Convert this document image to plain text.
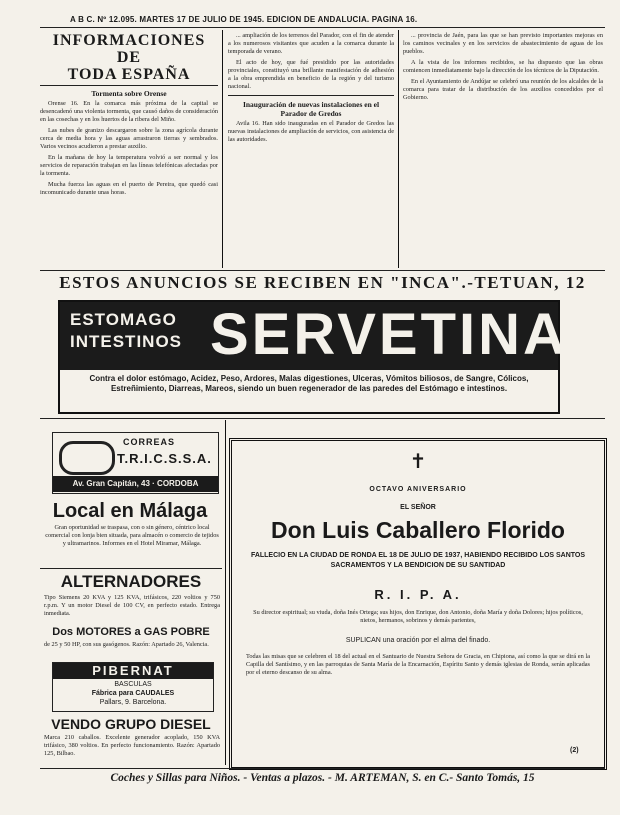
A B C. Nº 12.095. MARTES 17 DE JULIO DE 1945. EDICION DE ANDALUCIA. PAGINA 16.
INFORMACIONES DE
TODA ESPAÑA
Tormenta sobre Orense

Orense 16. En la comarca más próxima de la capital se desencadenó una violenta tormenta, que causó daños de consideración en las cosechas y en los huertos de la ribera del Miño.

Las nubes de granizo descargaron sobre la zona agrícola durante cerca de media hora y las aguas arrastraron tierras y sembrados. Varios vecinos acudieron a prestar auxilio.

En la mañana de hoy la temperatura volvió a ser normal y los servicios de reparación trabajan en las líneas telefónicas afectadas por la tormenta.

Mucha fuerza las aguas en el puerto de Pereira, que quedó casi incomunicado durante unas horas.

... ampliación de los terrenos del Parador, con el fin de atender a los numerosos visitantes que acuden a la comarca durante la temporada de verano.

El acto de hoy, que fué presidido por las autoridades provinciales, constituyó una brillante manifestación de adhesión a la obra emprendida en beneficio de la región y del turismo nacional.

Inauguración de nuevas instalaciones en el
Parador de Gredos

Avila 16. Han sido inauguradas en el Parador de Gredos las nuevas instalaciones de ampliación de servicios, con asistencia de las autoridades.

... provincia de Jaén, para las que se han previsto importantes mejoras en los caminos vecinales y en los servicios de abastecimiento de aguas de los pueblos.

A la vista de los informes recibidos, se ha dispuesto que las obras comiencen inmediatamente bajo la dirección de los técnicos de la Diputación.

En el Ayuntamiento de Andújar se celebró una reunión de los alcaldes de la comarca para tratar de la distribución de los auxilios concedidos por el Gobierno.

ESTOS ANUNCIOS SE RECIBEN EN "INCA".-TETUAN, 12
ESTOMAGO
INTESTINOS SERVETINAL
Contra el dolor estómago, Acidez, Peso, Ardores, Malas digestiones, Ulceras, Vómitos biliosos, de Sangre, Cólicos, Estreñimiento, Diarreas, Mareos, siendo un buen regenerador de las paredes del Estómago e intestinos.
CORREAS
T.R.I.C.S.S.A.
Av. Gran Capitán, 43 · CORDOBA
Local en Málaga
Gran oportunidad se traspasa, con o sin género, céntrico local comercial con lonja bien situada, para almacén o comercio de tejidos y ultramarinos. Informes en el Hotel Miramar, Málaga.
ALTERNADORES
Tipo Siemens 20 KVA y 125 KVA, trifásicos, 220 voltios y 750 r.p.m. Y un motor Diesel de 100 CV, en perfecto estado. Entrega inmediata.
Dos MOTORES a GAS POBRE
de 25 y 50 HP, con sus gasógenos. Razón: Apartado 26, Valencia.
PIBERNAT
BASCULAS
Fábrica para CAUDALES
Pallars, 9. Barcelona.
VENDO GRUPO DIESEL
Marca 210 caballos. Excelente generador acoplado, 150 KVA trifásico, 380 voltios. En perfecto funcionamiento. Razón: Apartado 125, Bilbao.
✝
OCTAVO ANIVERSARIO
EL SEÑOR
Don Luis Caballero Florido
FALLECIO EN LA CIUDAD DE RONDA EL 18 DE JULIO DE 1937, HABIENDO RECIBIDO LOS SANTOS SACRAMENTOS Y LA BENDICION DE SU SANTIDAD
R. I. P. A.
Su director espiritual; su viuda, doña Inés Ortega; sus hijos, don Enrique, don Antonio, doña María y doña Dolores; hijos políticos, nietos, hermanos, sobrinos y demás parientes,
SUPLICAN una oración por el alma del finado.
Todas las misas que se celebren el 18 del actual en el Santuario de Nuestra Señora de Gracia, en Chipiona, así como la que se dirá en la Capilla del Santísimo, y en las parroquias de Santa María de la Encarnación, Espíritu Santo y demás iglesias de Ronda, serán aplicadas por el eterno descanso de su alma.
(2)
Coches y Sillas para Niños. - Ventas a plazos. - M. ARTEMAN, S. en C.- Santo Tomás, 15
